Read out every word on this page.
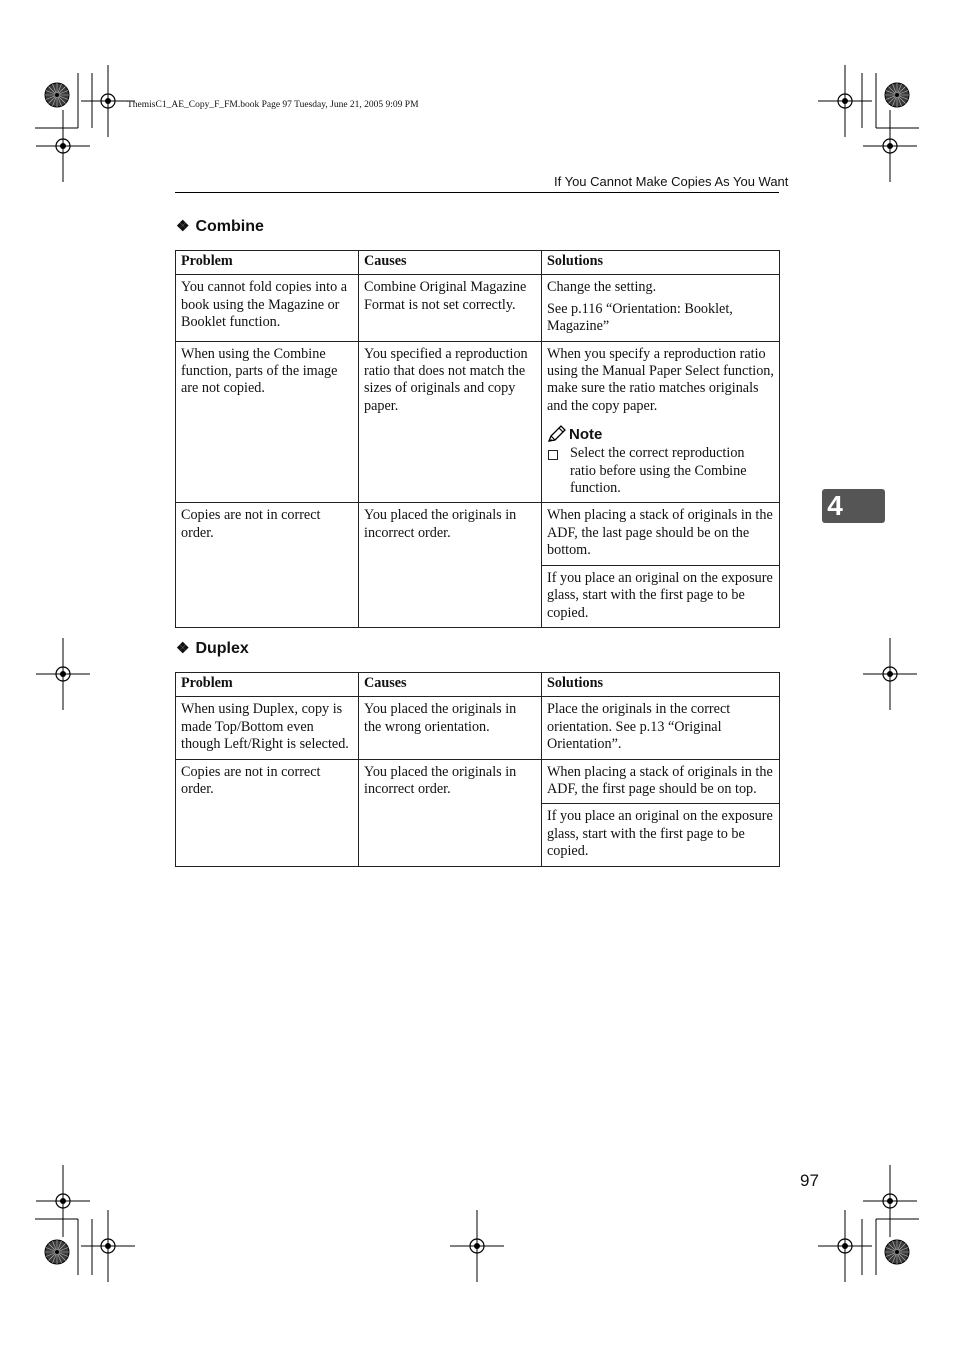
ThemisC1_AE_Copy_F_FM.book Page 97 Tuesday, June 21, 2005 9:09 PM
If You Cannot Make Copies As You Want
4
❖ Combine
Problem	Causes	Solutions
You cannot fold copies into a book using the Magazine or Booklet function.	Combine Original Magazine Format is not set correctly.	Change the setting.

See p.116 “Orientation: Booklet, Magazine”

When using the Combine function, parts of the image are not copied.	You specified a reproduction ratio that does not match the sizes of originals and copy paper.	When you specify a reproduction ratio using the Manual Paper Select function, make sure the ratio matches originals and the copy paper.

Note
Select the correct reproduction ratio before using the Combine function.

Copies are not in correct order.	You placed the originals in incorrect order.	When placing a stack of originals in the ADF, the last page should be on the bottom.
		If you place an original on the exposure glass, start with the first page to be copied.
❖ Duplex
Problem	Causes	Solutions
When using Duplex, copy is made Top/Bottom even though Left/Right is selected.	You placed the originals in the wrong orientation.	Place the originals in the correct orientation. See p.13 “Original Orientation”.
Copies are not in correct order.	You placed the originals in incorrect order.	When placing a stack of originals in the ADF, the first page should be on top.
		If you place an original on the exposure glass, start with the first page to be copied.
97
